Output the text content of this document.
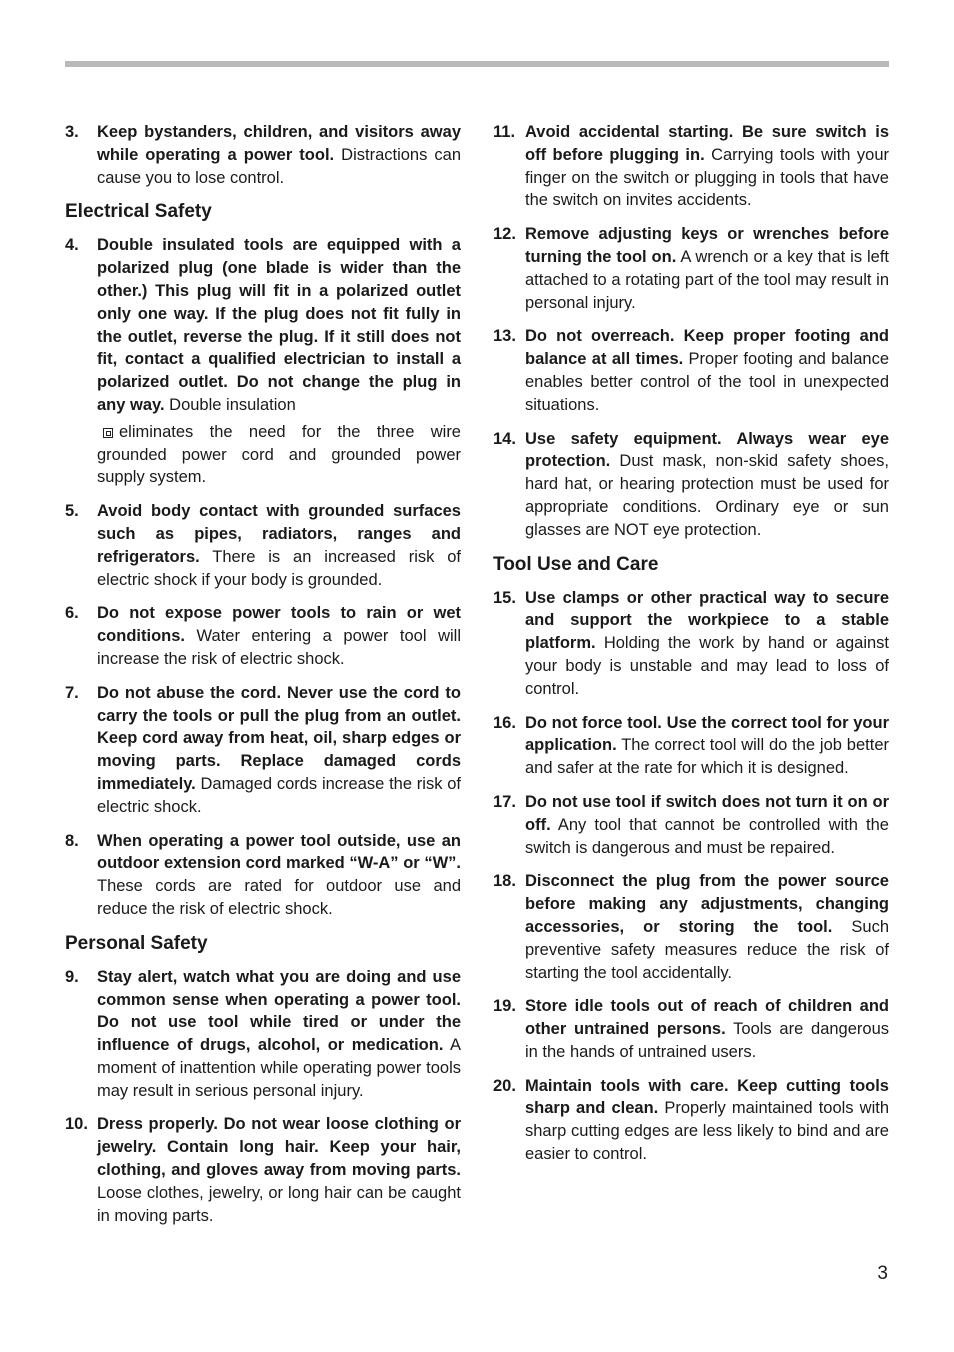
3. Keep bystanders, children, and visitors away while operating a power tool. Distractions can cause you to lose control.
Electrical Safety
4. Double insulated tools are equipped with a polarized plug (one blade is wider than the other.) This plug will fit in a polarized outlet only one way. If the plug does not fit fully in the outlet, reverse the plug. If it still does not fit, contact a qualified electrician to install a polarized outlet. Do not change the plug in any way. Double insulation
eliminates the need for the three wire grounded power cord and grounded power supply system.
5. Avoid body contact with grounded surfaces such as pipes, radiators, ranges and refrigerators. There is an increased risk of electric shock if your body is grounded.
6. Do not expose power tools to rain or wet conditions. Water entering a power tool will increase the risk of electric shock.
7. Do not abuse the cord. Never use the cord to carry the tools or pull the plug from an outlet. Keep cord away from heat, oil, sharp edges or moving parts. Replace damaged cords immediately. Damaged cords increase the risk of electric shock.
8. When operating a power tool outside, use an outdoor extension cord marked “W-A” or “W”. These cords are rated for outdoor use and reduce the risk of electric shock.
Personal Safety
9. Stay alert, watch what you are doing and use common sense when operating a power tool. Do not use tool while tired or under the influence of drugs, alcohol, or medication. A moment of inattention while operating power tools may result in serious personal injury.
10. Dress properly. Do not wear loose clothing or jewelry. Contain long hair. Keep your hair, clothing, and gloves away from moving parts. Loose clothes, jewelry, or long hair can be caught in moving parts.
11. Avoid accidental starting. Be sure switch is off before plugging in. Carrying tools with your finger on the switch or plugging in tools that have the switch on invites accidents.
12. Remove adjusting keys or wrenches before turning the tool on. A wrench or a key that is left attached to a rotating part of the tool may result in personal injury.
13. Do not overreach. Keep proper footing and balance at all times. Proper footing and balance enables better control of the tool in unexpected situations.
14. Use safety equipment. Always wear eye protection. Dust mask, non-skid safety shoes, hard hat, or hearing protection must be used for appropriate conditions. Ordinary eye or sun glasses are NOT eye protection.
Tool Use and Care
15. Use clamps or other practical way to secure and support the workpiece to a stable platform. Holding the work by hand or against your body is unstable and may lead to loss of control.
16. Do not force tool. Use the correct tool for your application. The correct tool will do the job better and safer at the rate for which it is designed.
17. Do not use tool if switch does not turn it on or off. Any tool that cannot be controlled with the switch is dangerous and must be repaired.
18. Disconnect the plug from the power source before making any adjustments, changing accessories, or storing the tool. Such preventive safety measures reduce the risk of starting the tool accidentally.
19. Store idle tools out of reach of children and other untrained persons. Tools are dangerous in the hands of untrained users.
20. Maintain tools with care. Keep cutting tools sharp and clean. Properly maintained tools with sharp cutting edges are less likely to bind and are easier to control.
3
